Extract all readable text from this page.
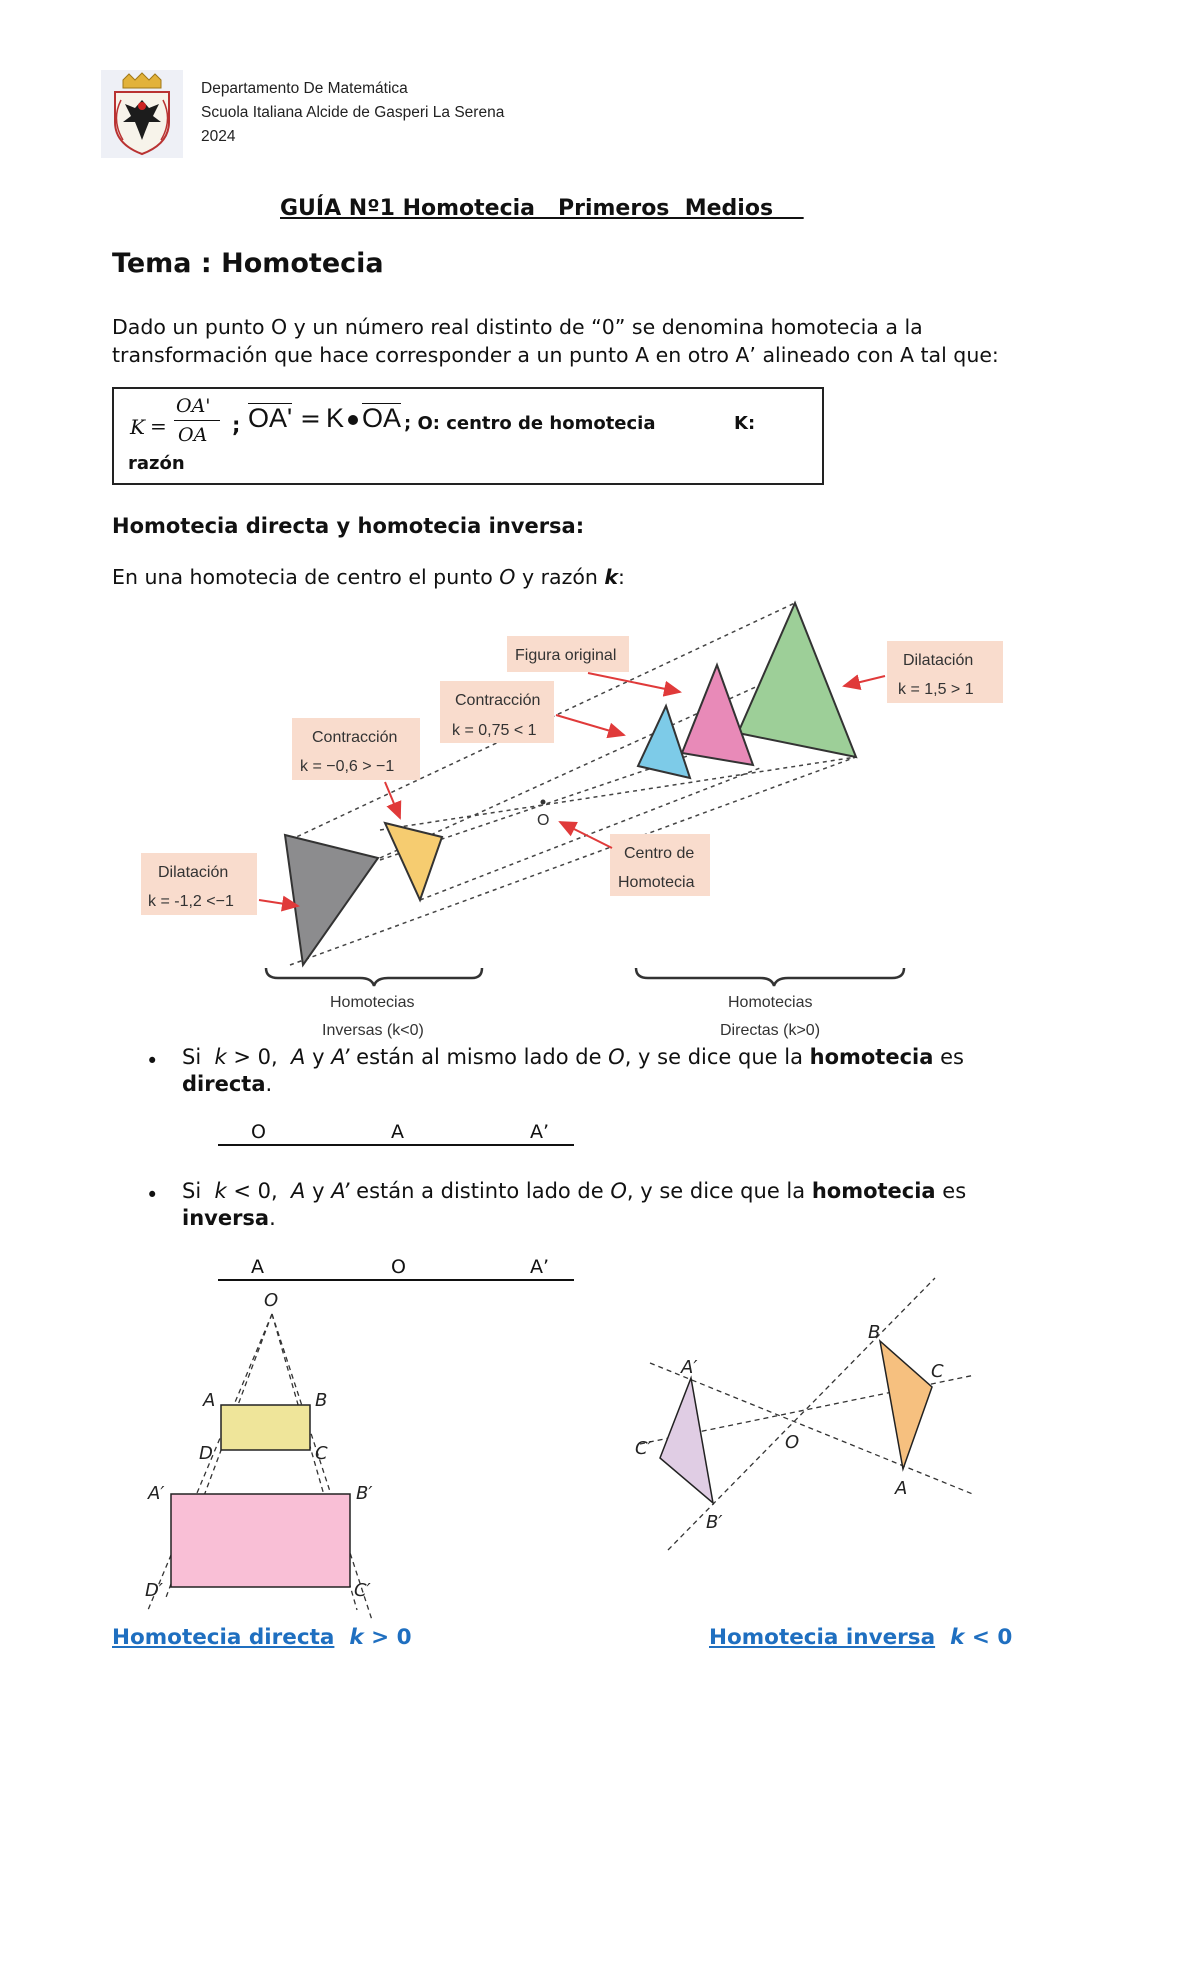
Departamento De Matemática
Scuola Italiana Alcide de Gasperi La Serena
2024
GUÍA Nº1 Homotecia   Primeros  Medios
Tema : Homotecia
Dado un punto O y un número real distinto de “0” se denomina homotecia a la
transformación que hace corresponder a un punto A en otro A’ alineado con A tal que:
K =
OA'
OA ; OA' = K OA ; O: centro de homotecia	K:
razón
Homotecia directa y homotecia inversa:
En una homotecia de centro el punto O y razón k:
O
Figura original
Contracción
k = 0,75 < 1
Dilatación
k = 1,5 > 1
Contracción
k = −0,6 > −1
Dilatación
k = -1,2 <−1
Centro de
Homotecia
Homotecias
Inversas (k<0)
Homotecias
Directas (k>0)
• Si k > 0, A y A’ están al mismo lado de O, y se dice que la homotecia es
directa.
O	A	A’
• Si k < 0, A y A’ están a distinto lado de O, y se dice que la homotecia es
inversa.
A	O	A’
O
A	B
C
D
A′	B′
C′
D′
O
B
C
A
A′
C′
B′
Homotecia directa k > 0	Homotecia inversa k < 0
